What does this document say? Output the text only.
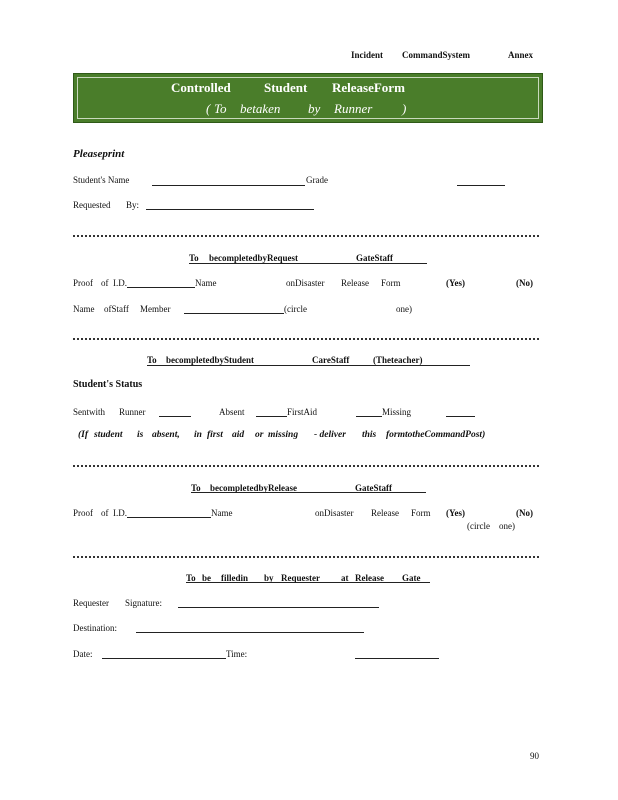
Incident CommandSystem	Annex
Controlled	Student ReleaseForm
( To betaken by Runner )
Pleaseprint
Student's Name	Grade
Requested By:
To becompletedbyRequest	GateStaff
Proof of I.D.	Name	onDisaster Release Form	(Yes)	(No)
Name ofStaff Member	(circle	one)
To becompletedbyStudent	CareStaff	(Theteacher)
Student's Status
Sentwith Runner	Absent	FirstAid	Missing
(If student is absent, in first aid or missing - deliver this formtotheCommandPost)
To becompletedbyRelease	GateStaff
Proof of I.D.	Name	onDisaster Release Form (Yes)	(No)
(circle one)
To be filledin by Requester at Release Gate
Requester Signature:
Destination:
Date:	Time:
90
